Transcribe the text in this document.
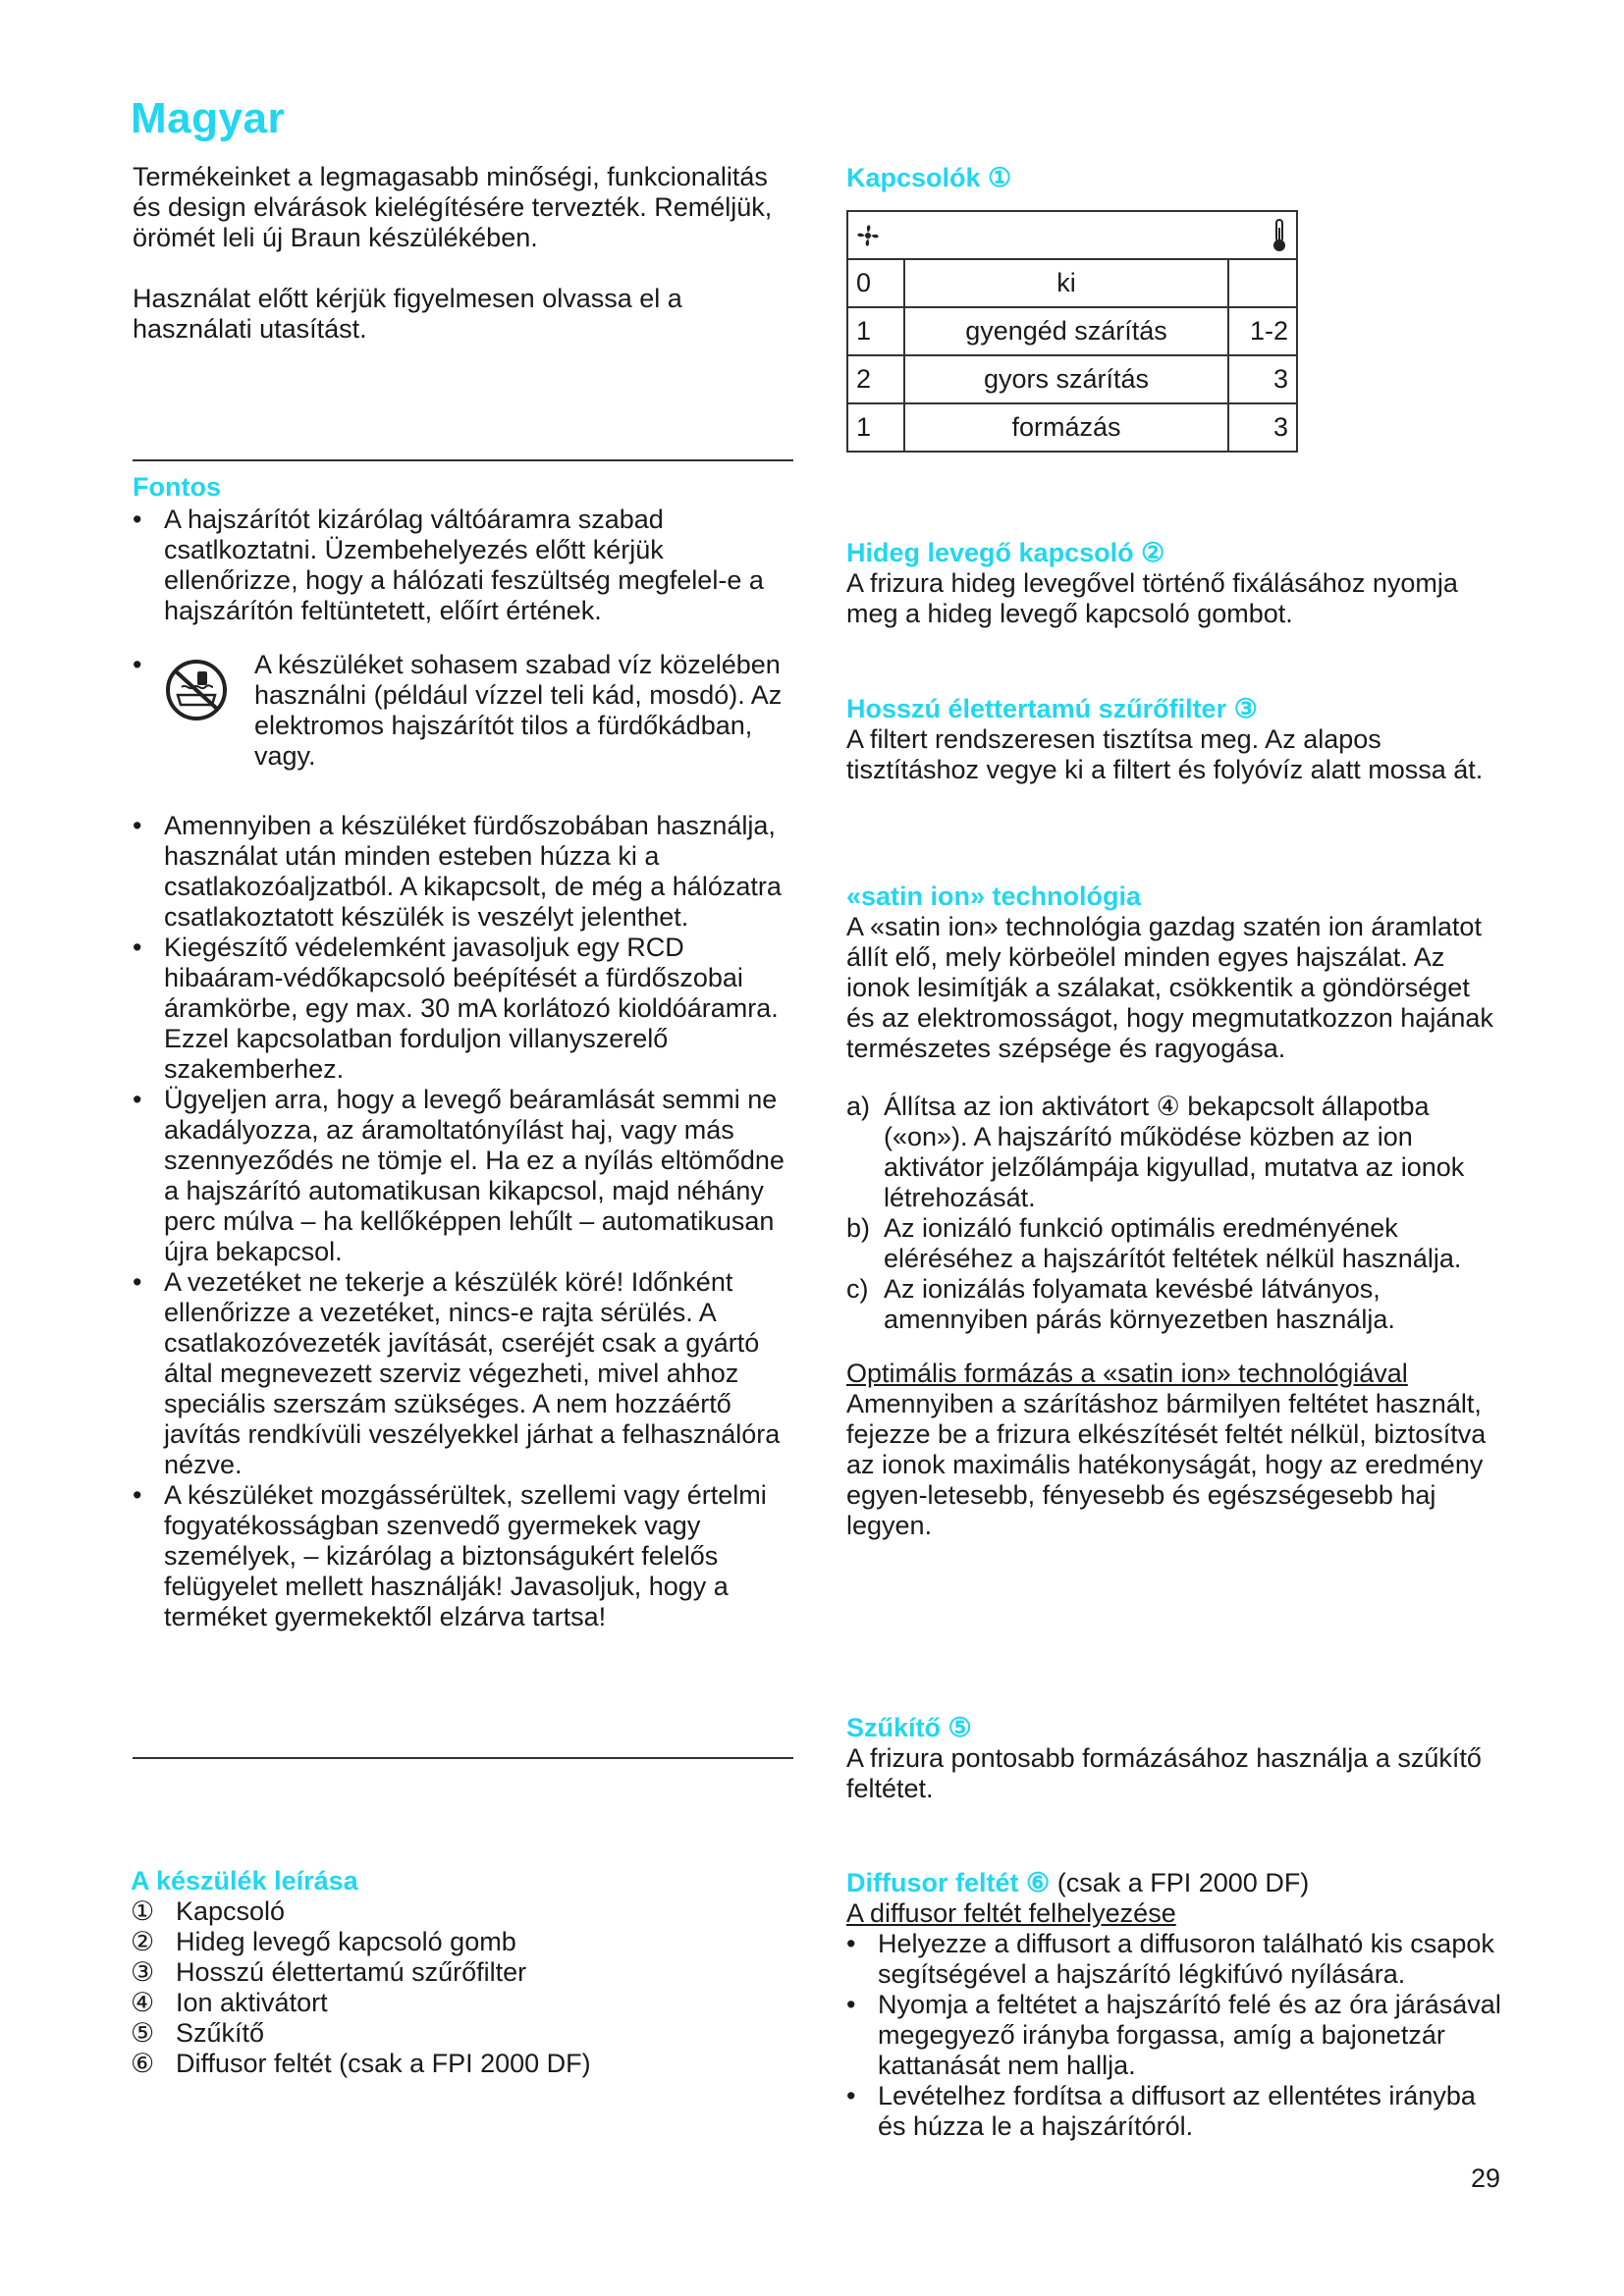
Magyar

Termékeinket a legmagasabb minőségi, funkcionalitás és design elvárások kielégítésére tervezték. Reméljük, örömét leli új Braun készülékében.

Használat előtt kérjük figyelmesen olvassa el a használati utasítást.

Fontos

• A hajszárítót kizárólag váltóáramra szabad csatlkoztatni. Üzembehelyezés előtt kérjük ellenőrizze, hogy a hálózati feszültség megfelel-e a hajszárítón feltüntetett, előírt értének.
•	A készüléket sohasem szabad víz közelében használni (például vízzel teli kád, mosdó). Az elektromos hajszárítót tilos a fürdőkádban, vagy.

• Amennyiben a készüléket fürdőszobában használja, használat után minden esteben húzza ki a csatlakozóaljzatból. A kikapcsolt, de még a hálózatra csatlakoztatott készülék is veszélyt jelenthet.
• Kiegészítő védelemként javasoljuk egy RCD hibaáram-védőkapcsoló beépítését a fürdőszobai áramkörbe, egy max. 30 mA korlátozó kioldóáramra. Ezzel kapcsolatban forduljon villanyszerelő szakemberhez.
• Ügyeljen arra, hogy a levegő beáramlását semmi ne akadályozza, az áramoltatónyílást haj, vagy más szennyeződés ne tömje el. Ha ez a nyílás eltömődne a hajszárító automatikusan kikapcsol, majd néhány perc múlva – ha kellőképpen lehűlt – automatikusan újra bekapcsol.
• A vezetéket ne tekerje a készülék köré! Időnként ellenőrizze a vezetéket, nincs-e rajta sérülés. A csatlakozóvezeték javítását, cseréjét csak a gyártó által megnevezett szerviz végezheti, mivel ahhoz speciális szerszám szükséges. A nem hozzáértő javítás rendkívüli veszélyekkel járhat a felhasználóra nézve.
• A készüléket mozgássérültek, szellemi vagy értelmi fogyatékosságban szenvedő gyermekek vagy személyek, – kizárólag a biztonságukért felelős felügyelet mellett használják! Javasoljuk, hogy a terméket gyermekektől elzárva tartsa!

A készülék leírása

① Kapcsoló
② Hideg levegő kapcsoló gomb
③ Hosszú élettertamú szűrőfilter
④ Ion aktivátort
⑤ Szűkítő
⑥ Diffusor feltét (csak a FPI 2000 DF)

Kapcsolók ①

0	ki	
1	gyengéd szárítás	1-2
2	gyors szárítás	3
1	formázás	3

Hideg levegő kapcsoló ②

A frizura hideg levegővel történő fixálásához nyomja meg a hideg levegő kapcsoló gombot.

Hosszú élettertamú szűrőfilter ③

A filtert rendszeresen tisztítsa meg. Az alapos tisztításhoz vegye ki a filtert és folyóvíz alatt mossa át.

«satin ion» technológia

A «satin ion» technológia gazdag szatén ion áramlatot állít elő, mely körbeölel minden egyes hajszálat. Az ionok lesimítják a szálakat, csökkentik a göndörséget és az elektromosságot, hogy megmutatkozzon hajának természetes szépsége és ragyogása.

a) Állítsa az ion aktivátort ④ bekapcsolt állapotba («on»). A hajszárító működése közben az ion aktivátor jelzőlámpája kigyullad, mutatva az ionok létrehozását.
b) Az ionizáló funkció optimális eredményének eléréséhez a hajszárítót feltétek nélkül használja.
c) Az ionizálás folyamata kevésbé látványos, amennyiben párás környezetben használja.

Optimális formázás a «satin ion» technológiával

Amennyiben a szárításhoz bármilyen feltétet használt, fejezze be a frizura elkészítését feltét nélkül, biztosítva az ionok maximális hatékonyságát, hogy az eredmény egyen-letesebb, fényesebb és egészségesebb haj legyen.

Szűkítő ⑤

A frizura pontosabb formázásához használja a szűkítő feltétet.

Diffusor feltét ⑥ (csak a FPI 2000 DF)

A diffusor feltét felhelyezése

• Helyezze a diffusort a diffusoron található kis csapok segítségével a hajszárító légkifúvó nyílására.
• Nyomja a feltétet a hajszárító felé és az óra járásával megegyező irányba forgassa, amíg a bajonetzár kattanását nem hallja.
• Levételhez fordítsa a diffusort az ellentétes irányba és húzza le a hajszárítóról.
29
